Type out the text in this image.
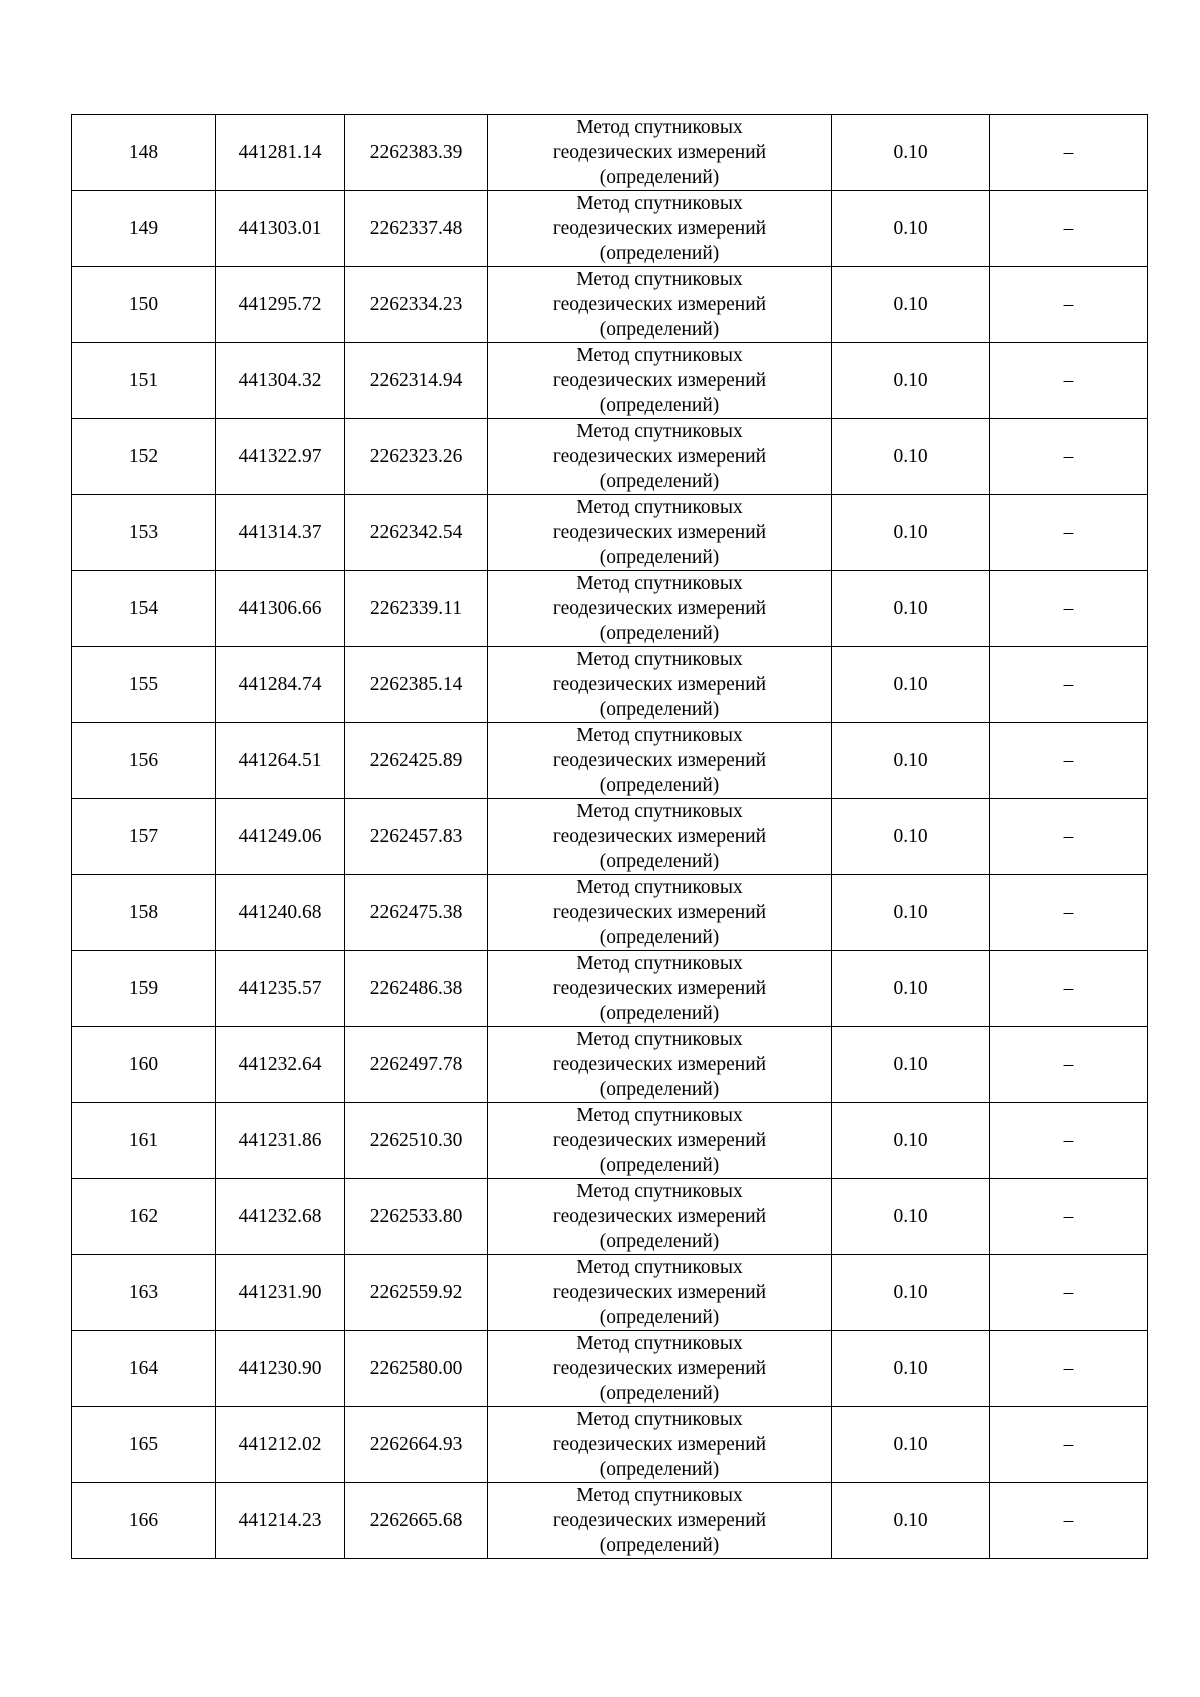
148	441281.14	2262383.39	Метод спутниковых
геодезических измерений
(определений)	0.10	–
149	441303.01	2262337.48	Метод спутниковых
геодезических измерений
(определений)	0.10	–
150	441295.72	2262334.23	Метод спутниковых
геодезических измерений
(определений)	0.10	–
151	441304.32	2262314.94	Метод спутниковых
геодезических измерений
(определений)	0.10	–
152	441322.97	2262323.26	Метод спутниковых
геодезических измерений
(определений)	0.10	–
153	441314.37	2262342.54	Метод спутниковых
геодезических измерений
(определений)	0.10	–
154	441306.66	2262339.11	Метод спутниковых
геодезических измерений
(определений)	0.10	–
155	441284.74	2262385.14	Метод спутниковых
геодезических измерений
(определений)	0.10	–
156	441264.51	2262425.89	Метод спутниковых
геодезических измерений
(определений)	0.10	–
157	441249.06	2262457.83	Метод спутниковых
геодезических измерений
(определений)	0.10	–
158	441240.68	2262475.38	Метод спутниковых
геодезических измерений
(определений)	0.10	–
159	441235.57	2262486.38	Метод спутниковых
геодезических измерений
(определений)	0.10	–
160	441232.64	2262497.78	Метод спутниковых
геодезических измерений
(определений)	0.10	–
161	441231.86	2262510.30	Метод спутниковых
геодезических измерений
(определений)	0.10	–
162	441232.68	2262533.80	Метод спутниковых
геодезических измерений
(определений)	0.10	–
163	441231.90	2262559.92	Метод спутниковых
геодезических измерений
(определений)	0.10	–
164	441230.90	2262580.00	Метод спутниковых
геодезических измерений
(определений)	0.10	–
165	441212.02	2262664.93	Метод спутниковых
геодезических измерений
(определений)	0.10	–
166	441214.23	2262665.68	Метод спутниковых
геодезических измерений
(определений)	0.10	–
